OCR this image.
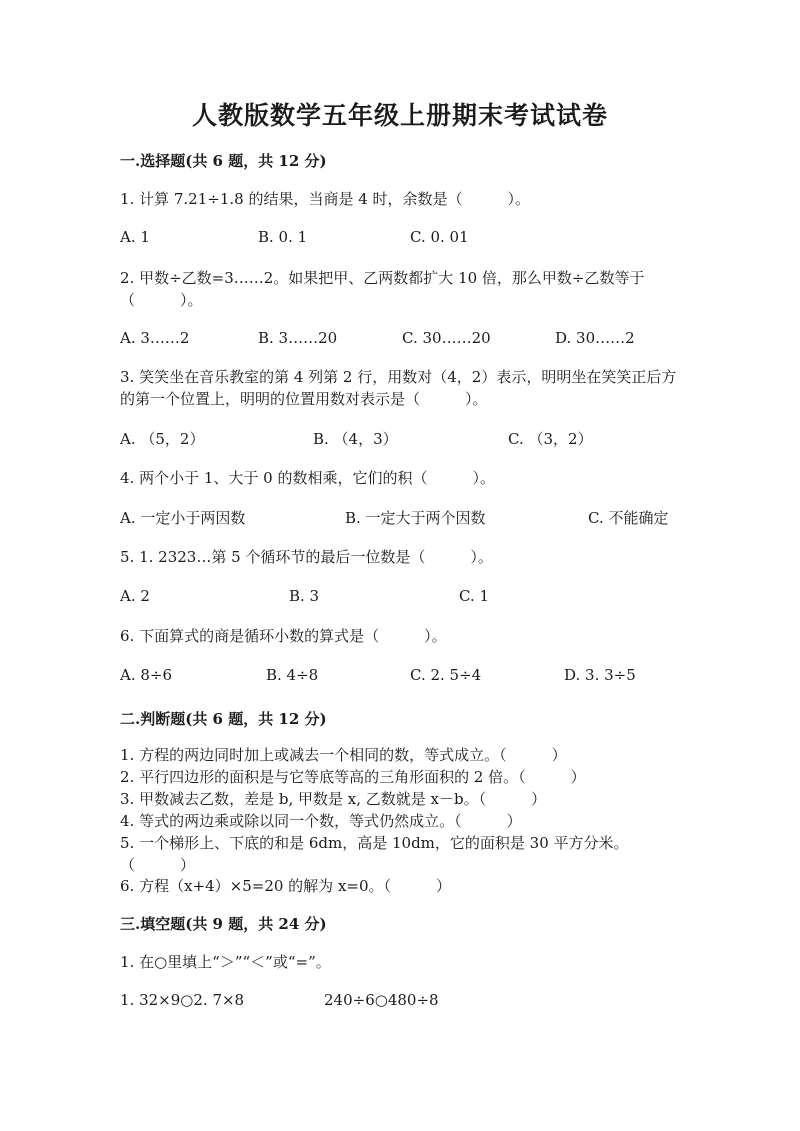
人教版数学五年级上册期末考试试卷
一.选择题(共 6 题，共 12 分)
1. 计算 7.21÷1.8 的结果，当商是 4 时，余数是（　　　）。
A. 1	B. 0. 1	C. 0. 01
2. 甲数÷乙数=3……2。如果把甲、乙两数都扩大 10 倍，那么甲数÷乙数等于（　　　）。
A. 3……2	B. 3……20	C. 30……20	D. 30……2
3. 笑笑坐在音乐教室的第 4 列第 2 行，用数对（4，2）表示，明明坐在笑笑正后方的第一个位置上，明明的位置用数对表示是（　　　）。
A. （5，2）	B. （4，3）	C. （3，2）
4. 两个小于 1、大于 0 的数相乘，它们的积（　　　）。
A. 一定小于两因数	B. 一定大于两个因数	C. 不能确定
5. 1. 2323…第 5 个循环节的最后一位数是（　　　）。
A. 2	B. 3	C. 1
6. 下面算式的商是循环小数的算式是（　　　）。
A. 8÷6	B. 4÷8	C. 2. 5÷4	D. 3. 3÷5
二.判断题(共 6 题，共 12 分)
1. 方程的两边同时加上或减去一个相同的数，等式成立。（　　　）
2. 平行四边形的面积是与它等底等高的三角形面积的 2 倍。（　　　）
3. 甲数减去乙数，差是 b, 甲数是 x, 乙数就是 x－b。（　　　）
4. 等式的两边乘或除以同一个数，等式仍然成立。（　　　）
5. 一个梯形上、下底的和是 6dm，高是 10dm，它的面积是 30 平方分米。（　　　）
6. 方程（x+4）×5=20 的解为 x=0。（　　　）
三.填空题(共 9 题，共 24 分)
1. 在○里填上“＞”“＜”或“=”。
1. 32×9○2. 7×8	240÷6○480÷8
